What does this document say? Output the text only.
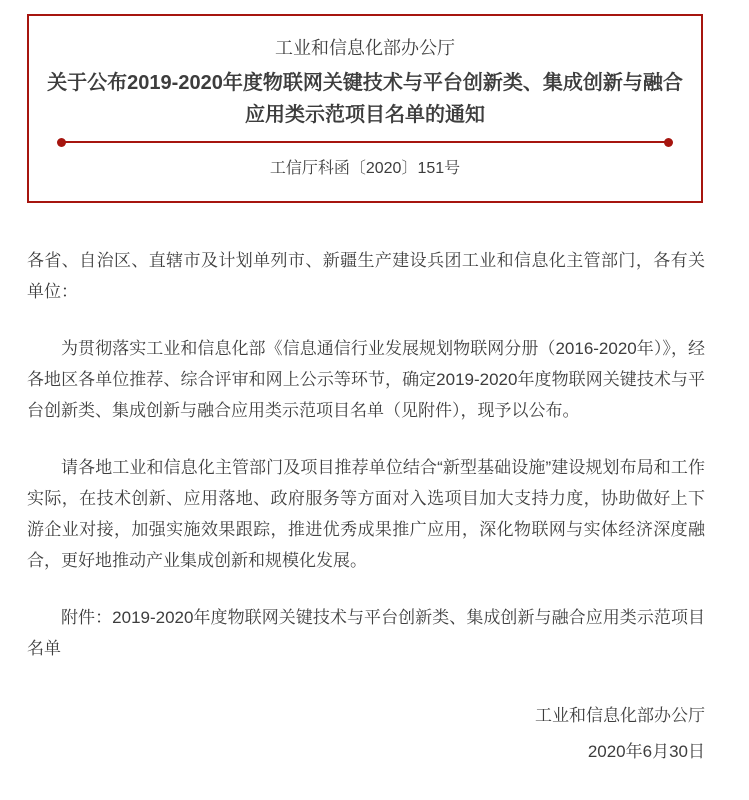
工业和信息化部办公厅
关于公布2019-2020年度物联网关键技术与平台创新类、集成创新与融合应用类示范项目名单的通知
工信厅科函〔2020〕151号

各省、自治区、直辖市及计划单列市、新疆生产建设兵团工业和信息化主管部门，各有关单位：

为贯彻落实工业和信息化部《信息通信行业发展规划物联网分册（2016-2020年）》，经各地区各单位推荐、综合评审和网上公示等环节，确定2019-2020年度物联网关键技术与平台创新类、集成创新与融合应用类示范项目名单（见附件），现予以公布。

请各地工业和信息化主管部门及项目推荐单位结合“新型基础设施”建设规划布局和工作实际，在技术创新、应用落地、政府服务等方面对入选项目加大支持力度，协助做好上下游企业对接，加强实施效果跟踪，推进优秀成果推广应用，深化物联网与实体经济深度融合，更好地推动产业集成创新和规模化发展。

附件：2019-2020年度物联网关键技术与平台创新类、集成创新与融合应用类示范项目名单

工业和信息化部办公厅
2020年6月30日
